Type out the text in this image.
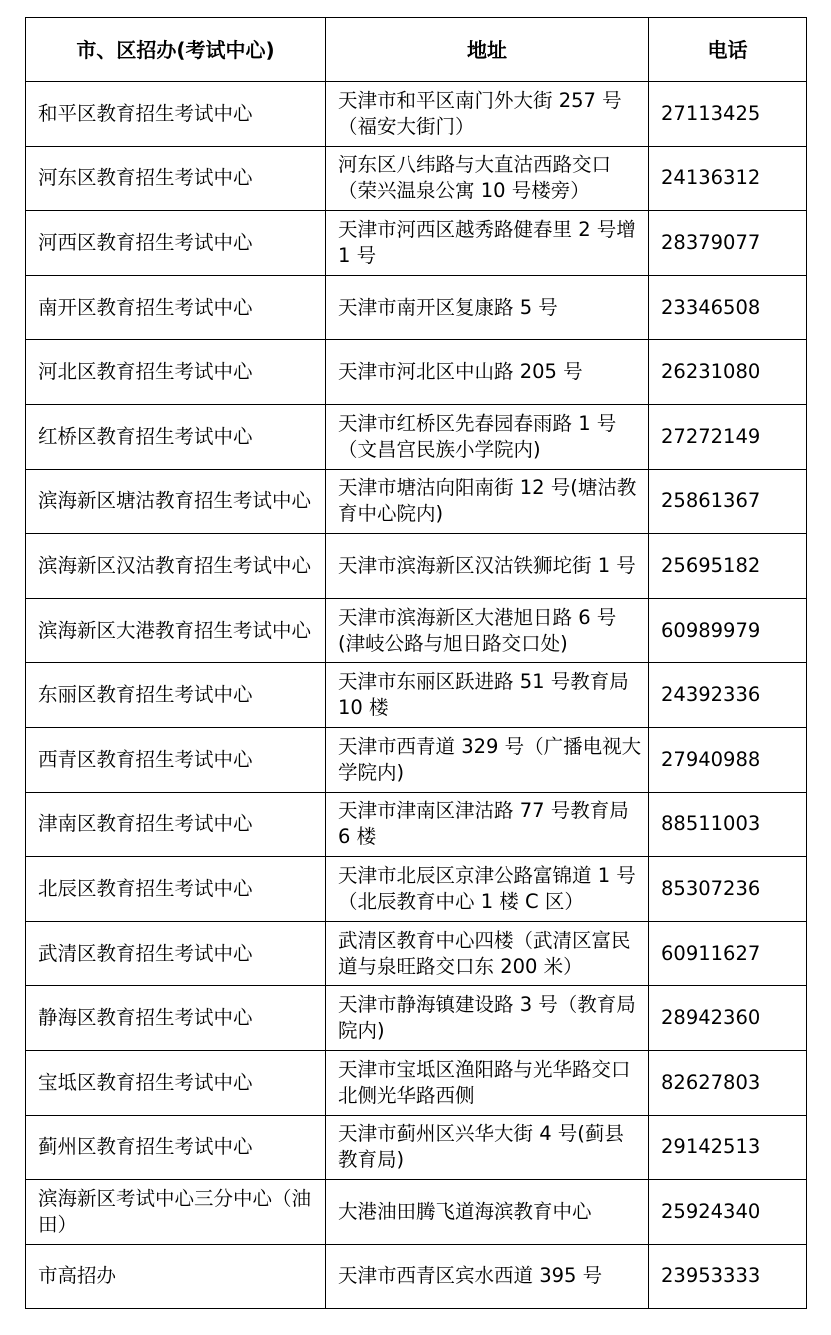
市、区招办(考试中心)	地址	电话
和平区教育招生考试中心	天津市和平区南门外大街 257 号（福安大街门）	27113425
河东区教育招生考试中心	河东区八纬路与大直沽西路交口（荣兴温泉公寓 10 号楼旁）	24136312
河西区教育招生考试中心	天津市河西区越秀路健春里 2 号增 1 号	28379077
南开区教育招生考试中心	天津市南开区复康路 5 号	23346508
河北区教育招生考试中心	天津市河北区中山路 205 号	26231080
红桥区教育招生考试中心	天津市红桥区先春园春雨路 1 号（文昌宫民族小学院内)	27272149
滨海新区塘沽教育招生考试中心	天津市塘沽向阳南街 12 号(塘沽教育中心院内)	25861367
滨海新区汉沽教育招生考试中心	天津市滨海新区汉沽铁狮坨街 1 号	25695182
滨海新区大港教育招生考试中心	天津市滨海新区大港旭日路 6 号(津岐公路与旭日路交口处)	60989979
东丽区教育招生考试中心	天津市东丽区跃进路 51 号教育局 10 楼	24392336
西青区教育招生考试中心	天津市西青道 329 号（广播电视大学院内)	27940988
津南区教育招生考试中心	天津市津南区津沽路 77 号教育局 6 楼	88511003
北辰区教育招生考试中心	天津市北辰区京津公路富锦道 1 号（北辰教育中心 1 楼 C 区）	85307236
武清区教育招生考试中心	武清区教育中心四楼（武清区富民道与泉旺路交口东 200 米）	60911627
静海区教育招生考试中心	天津市静海镇建设路 3 号（教育局院内)	28942360
宝坻区教育招生考试中心	天津市宝坻区渔阳路与光华路交口北侧光华路西侧	82627803
蓟州区教育招生考试中心	天津市蓟州区兴华大街 4 号(蓟县教育局)	29142513
滨海新区考试中心三分中心（油田）	大港油田腾飞道海滨教育中心	25924340
市高招办	天津市西青区宾水西道 395 号	23953333
